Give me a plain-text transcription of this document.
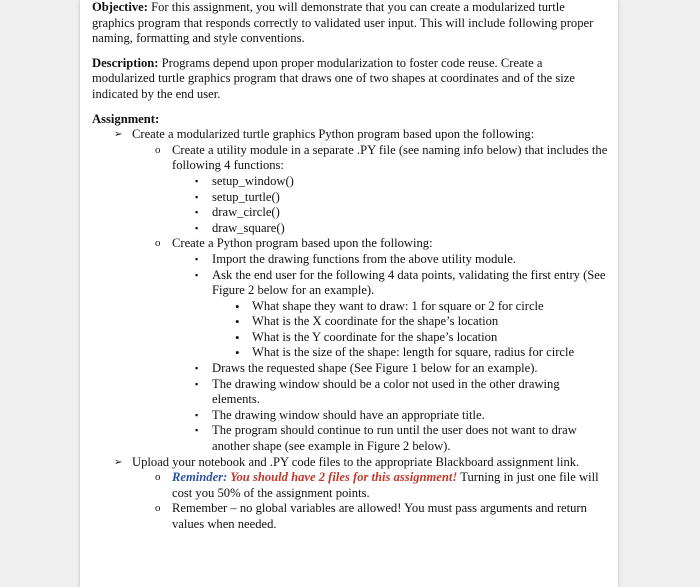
Objective: For this assignment, you will demonstrate that you can create a modularized turtle graphics program that responds correctly to validated user input. This will include following proper naming, formatting and style conventions.

Description: Programs depend upon proper modularization to foster code reuse. Create a modularized turtle graphics program that draws one of two shapes at coordinates and of the size indicated by the end user.

Assignment:

➢ Create a modularized turtle graphics Python program based upon the following:
o Create a utility module in a separate .PY file (see naming info below) that includes the following 4 functions:
▪ setup_window()
▪ setup_turtle()
▪ draw_circle()
▪ draw_square()
o Create a Python program based upon the following:
▪ Import the drawing functions from the above utility module.
▪ Ask the end user for the following 4 data points, validating the first entry (See Figure 2 below for an example).
• What shape they want to draw: 1 for square or 2 for circle
• What is the X coordinate for the shape’s location
• What is the Y coordinate for the shape’s location
• What is the size of the shape: length for square, radius for circle
▪ Draws the requested shape (See Figure 1 below for an example).
▪ The drawing window should be a color not used in the other drawing elements.
▪ The drawing window should have an appropriate title.
▪ The program should continue to run until the user does not want to draw another shape (see example in Figure 2 below).
➢ Upload your notebook and .PY code files to the appropriate Blackboard assignment link.
o Reminder: You should have 2 files for this assignment! Turning in just one file will cost you 50% of the assignment points.
o Remember – no global variables are allowed! You must pass arguments and return values when needed.
